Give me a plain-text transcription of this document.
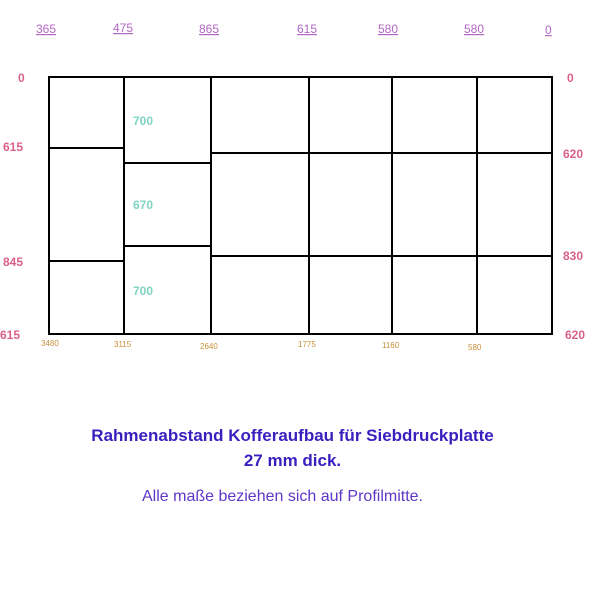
365	475	865	615	580	580	0
0
615
845
615
0
620
830
620
700
670
700
3480	3115	2640	1775	1160	580
Rahmenabstand Kofferaufbau für Siebdruckplatte
27 mm dick.
Alle maße beziehen sich auf Profilmitte.
